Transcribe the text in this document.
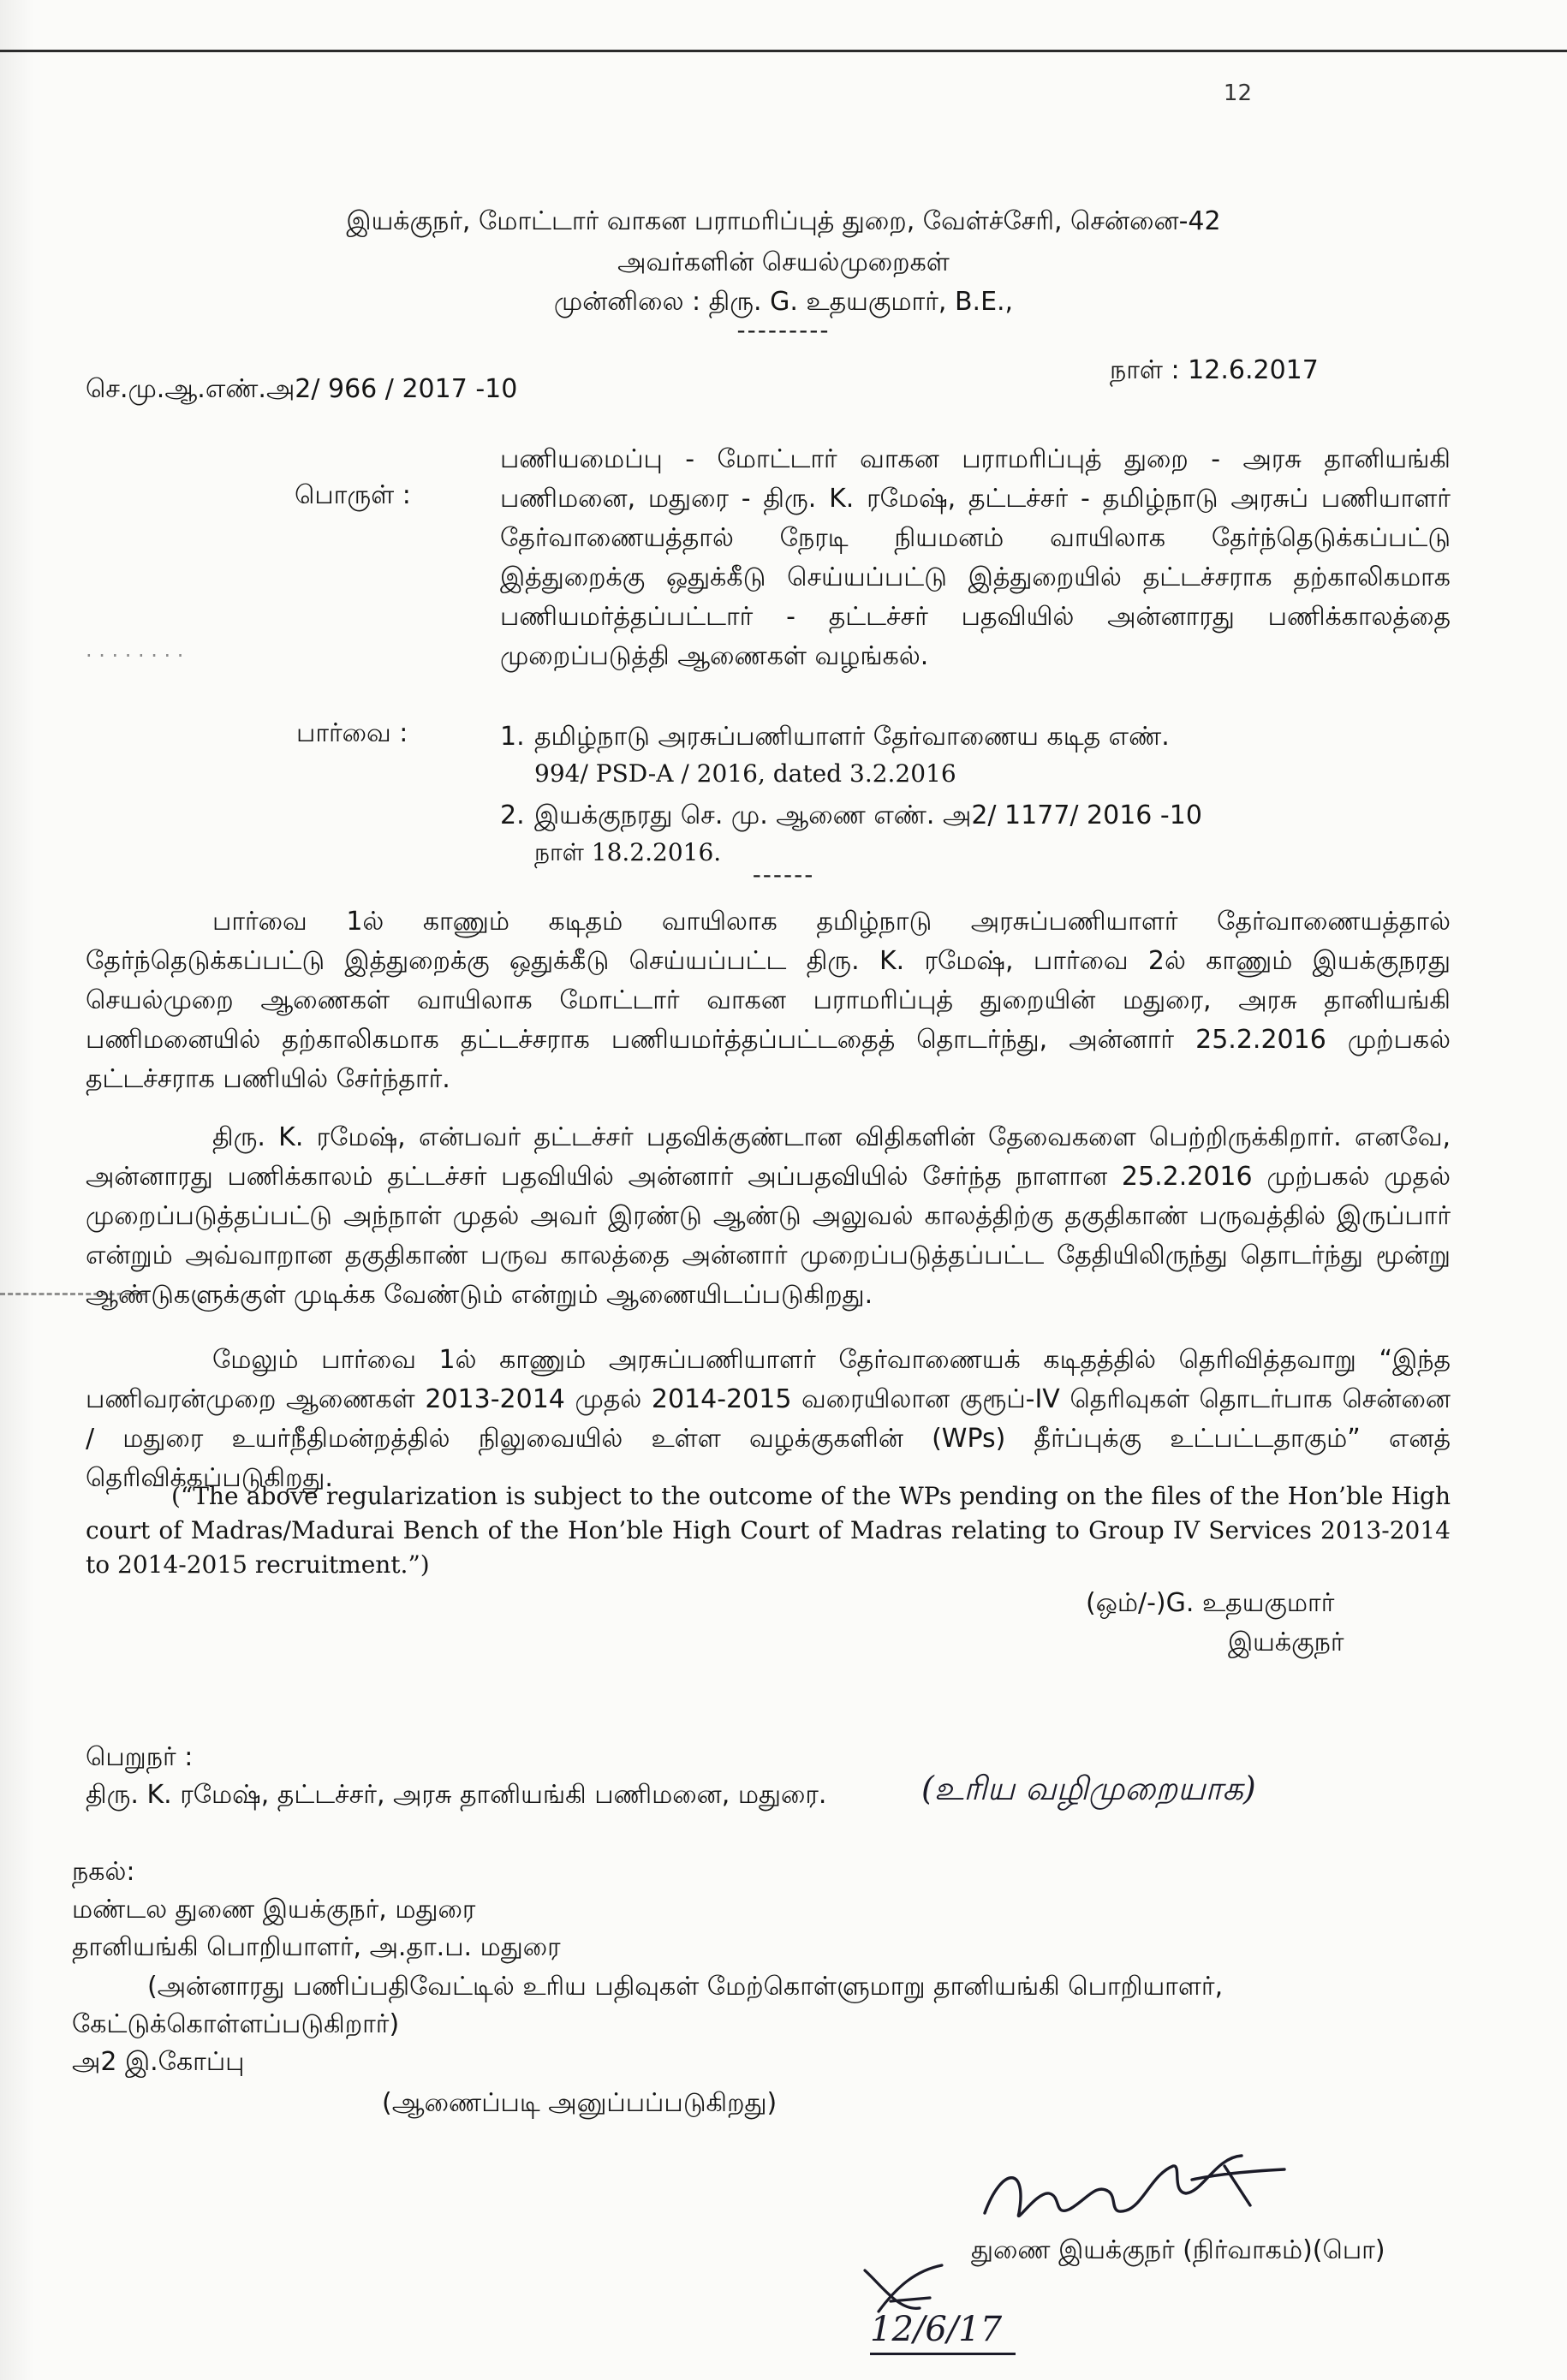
12

இயக்குநர், மோட்டார் வாகன பராமரிப்புத் துறை, வேள்ச்சேரி, சென்னை-42

அவர்களின் செயல்முறைகள்

முன்னிலை : திரு. G. உதயகுமார், B.E.,

---------

செ.மு.ஆ.எண்.அ2/ 966 / 2017 -10

நாள் : 12.6.2017

பொருள் :

பணியமைப்பு - மோட்டார் வாகன பராமரிப்புத் துறை - அரசு தானியங்கி பணிமனை, மதுரை - திரு. K. ரமேஷ், தட்டச்சர் - தமிழ்நாடு அரசுப் பணியாளர் தேர்வாணையத்தால் நேரடி நியமனம் வாயிலாக தேர்ந்தெடுக்கப்பட்டு இத்துறைக்கு ஒதுக்கீடு செய்யப்பட்டு இத்துறையில் தட்டச்சராக தற்காலிகமாக பணியமர்த்தப்பட்டார் - தட்டச்சர் பதவியில் அன்னாரது பணிக்காலத்தை முறைப்படுத்தி ஆணைகள் வழங்கல்.

· · · · · · · ·

பார்வை :	1. தமிழ்நாடு அரசுப்பணியாளர் தேர்வாணைய கடித எண்.

994/ PSD-A / 2016, dated 3.2.2016

2. இயக்குநரது செ. மு. ஆணை எண். அ2/ 1177/ 2016 -10

நாள் 18.2.2016.

------

பார்வை 1ல் காணும் கடிதம் வாயிலாக தமிழ்நாடு அரசுப்பணியாளர் தேர்வாணையத்தால் தேர்ந்தெடுக்கப்பட்டு இத்துறைக்கு ஒதுக்கீடு செய்யப்பட்ட திரு. K. ரமேஷ், பார்வை 2ல் காணும் இயக்குநரது செயல்முறை ஆணைகள் வாயிலாக மோட்டார் வாகன பராமரிப்புத் துறையின் மதுரை, அரசு தானியங்கி பணிமனையில் தற்காலிகமாக தட்டச்சராக பணியமர்த்தப்பட்டதைத் தொடர்ந்து, அன்னார் 25.2.2016 முற்பகல் தட்டச்சராக பணியில் சேர்ந்தார்.

திரு. K. ரமேஷ், என்பவர் தட்டச்சர் பதவிக்குண்டான விதிகளின் தேவைகளை பெற்றிருக்கிறார். எனவே, அன்னாரது பணிக்காலம் தட்டச்சர் பதவியில் அன்னார் அப்பதவியில் சேர்ந்த நாளான 25.2.2016 முற்பகல் முதல் முறைப்படுத்தப்பட்டு அந்நாள் முதல் அவர் இரண்டு ஆண்டு அலுவல் காலத்திற்கு தகுதிகாண் பருவத்தில் இருப்பார் என்றும் அவ்வாறான தகுதிகாண் பருவ காலத்தை அன்னார் முறைப்படுத்தப்பட்ட தேதியிலிருந்து தொடர்ந்து மூன்று ஆண்டுகளுக்குள் முடிக்க வேண்டும் என்றும் ஆணையிடப்படுகிறது.

மேலும் பார்வை 1ல் காணும் அரசுப்பணியாளர் தேர்வாணையக் கடிதத்தில் தெரிவித்தவாறு “இந்த பணிவரன்முறை ஆணைகள் 2013-2014 முதல் 2014-2015 வரையிலான குரூப்-IV தெரிவுகள் தொடர்பாக சென்னை / மதுரை உயர்நீதிமன்றத்தில் நிலுவையில் உள்ள வழக்குகளின் (WPs) தீர்ப்புக்கு உட்பட்டதாகும்” எனத் தெரிவிக்கப்படுகிறது.

(“The above regularization is subject to the outcome of the WPs pending on the files of the Hon’ble High court of Madras/Madurai Bench of the Hon’ble High Court of Madras relating to Group IV Services 2013-2014 to 2014-2015 recruitment.”)

(ஒம்/-)G. உதயகுமார்

இயக்குநர்

பெறுநர் :

திரு. K. ரமேஷ், தட்டச்சர், அரசு தானியங்கி பணிமனை, மதுரை.	(உரிய வழிமுறையாக)

நகல்:

மண்டல துணை இயக்குநர், மதுரை

தானியங்கி பொறியாளர், அ.தா.ப. மதுரை

(அன்னாரது பணிப்பதிவேட்டில் உரிய பதிவுகள் மேற்கொள்ளுமாறு தானியங்கி பொறியாளர்,

கேட்டுக்கொள்ளப்படுகிறார்)

அ2 இ.கோப்பு

(ஆணைப்படி அனுப்பப்படுகிறது)

துணை இயக்குநர் (நிர்வாகம்)(பொ)

12/6/17
